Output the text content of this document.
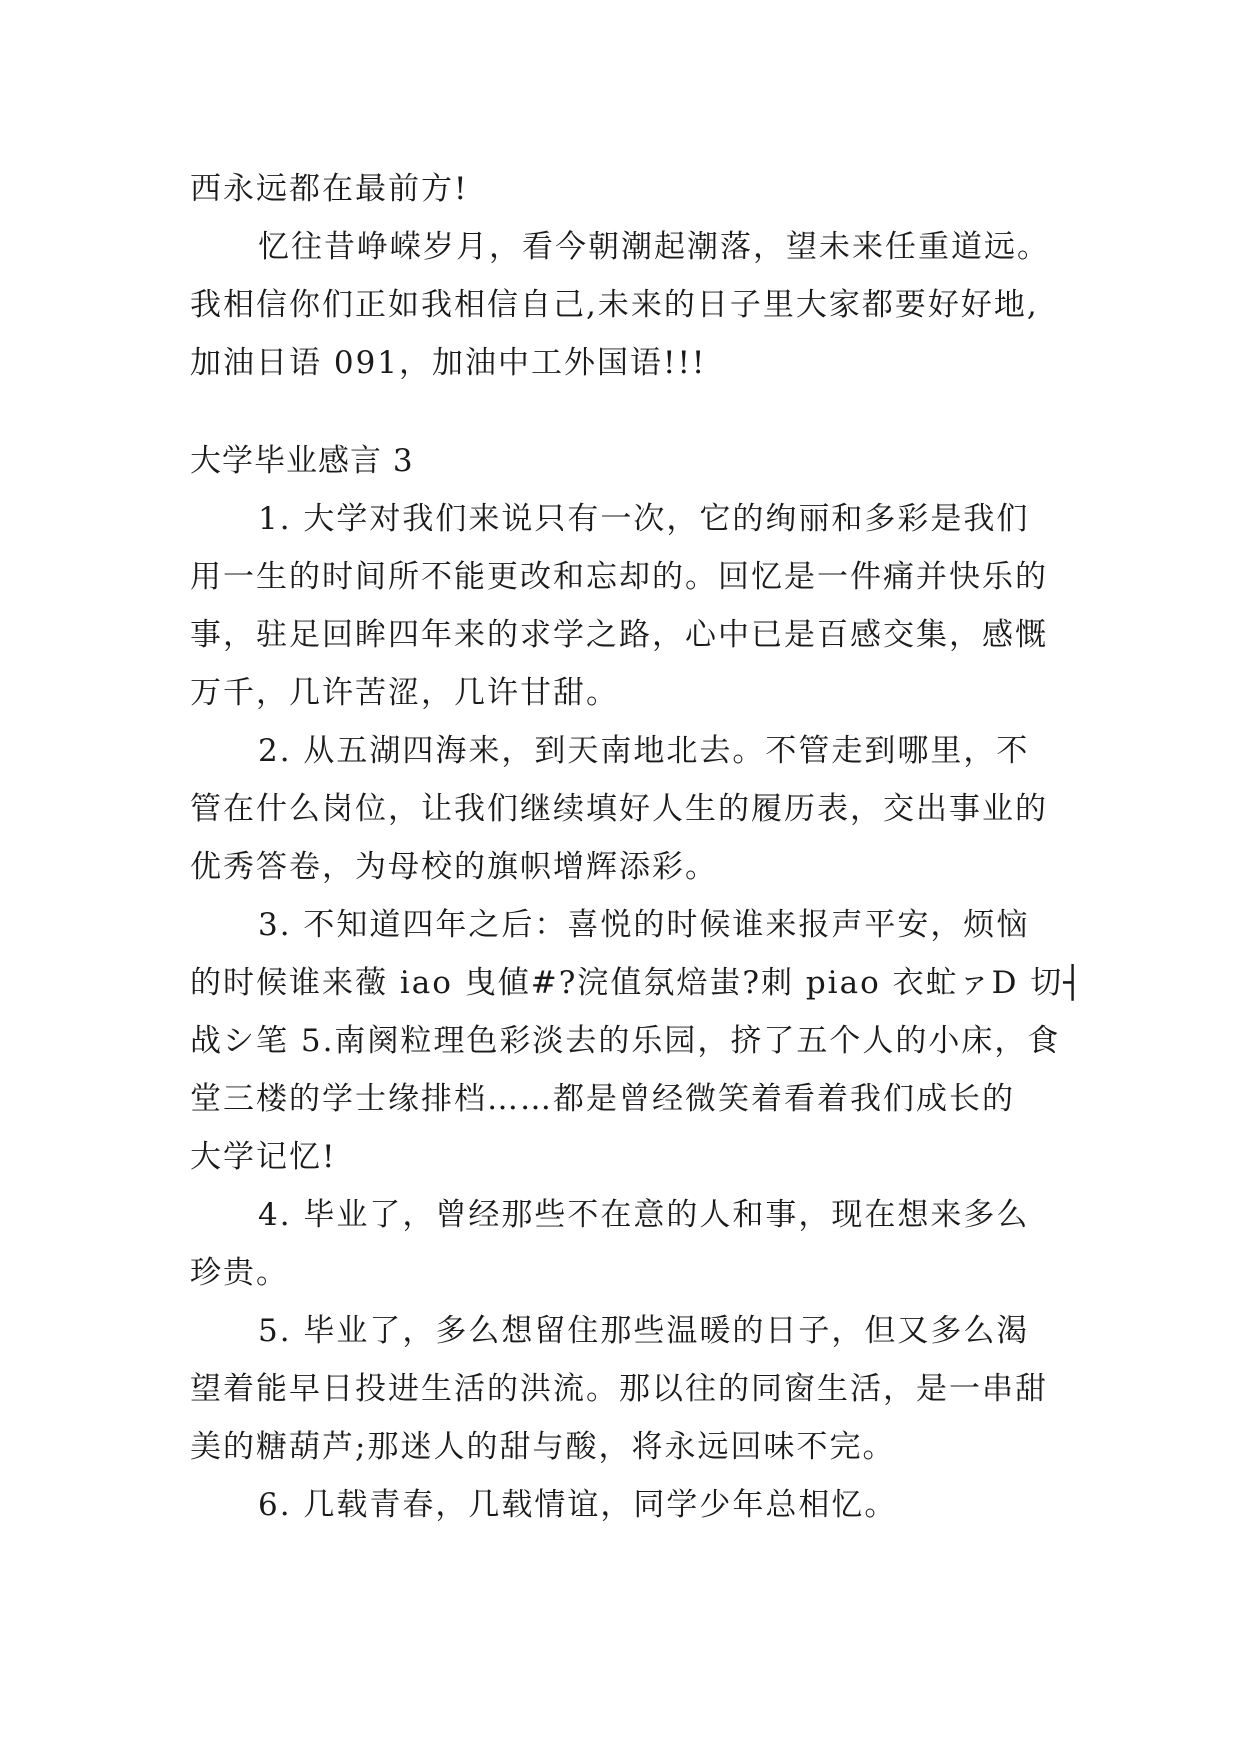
西永远都在最前方!
忆往昔峥嵘岁月，看今朝潮起潮落，望未来任重道远。
我相信你们正如我相信自己,未来的日子里大家都要好好地,
加油日语 091，加油中工外国语!!!
大学毕业感言 3
1. 大学对我们来说只有一次，它的绚丽和多彩是我们
用一生的时间所不能更改和忘却的。回忆是一件痛并快乐的
事，驻足回眸四年来的求学之路，心中已是百感交集，感慨
万千，几许苦涩，几许甘甜。
2. 从五湖四海来，到天南地北去。不管走到哪里，不
管在什么岗位，让我们继续填好人生的履历表，交出事业的
优秀答卷，为母校的旗帜增辉添彩。
3. 不知道四年之后：喜悦的时候谁来报声平安，烦恼
的时候谁来藢 iao 曳値#?浣值氛焙蚩?刺 piao 衣虻ァD 切┤
战シ笔 5.南阕粒理色彩淡去的乐园，挤了五个人的小床，食
堂三楼的学士缘排档……都是曾经微笑着看着我们成长的
大学记忆!
4. 毕业了，曾经那些不在意的人和事，现在想来多么
珍贵。
5. 毕业了，多么想留住那些温暖的日子，但又多么渴
望着能早日投进生活的洪流。那以往的同窗生活，是一串甜
美的糖葫芦;那迷人的甜与酸，将永远回味不完。
6. 几载青春，几载情谊，同学少年总相忆。
